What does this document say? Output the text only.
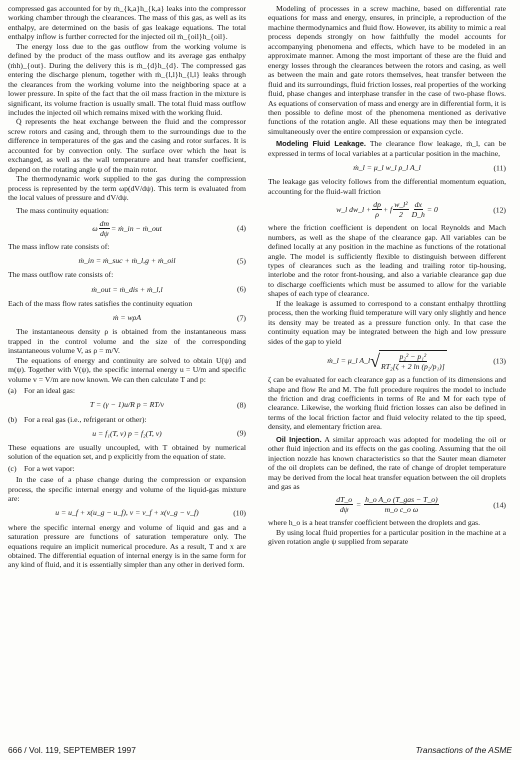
compressed gas accounted for by ṁ_{k,a}h_{k,a} leaks into the compressor working chamber through the clearances. The mass of this gas, as well as its enthalpy, are determined on the basis of gas leakage equations. The total enthalpy inflow is further corrected for the injected oil ṁ_{oil}h_{oil}.

The energy loss due to the gas outflow from the working volume is defined by the product of the mass outflow and its average gas enthalpy (ṁh)_{out}. During the delivery this is ṁ_{d}h_{d}. The compressed gas entering the discharge plenum, together with ṁ_{l,l}h_{l,l} leaks through the clearances from the working volume into the neighboring space at a lower pressure. In spite of the fact that the oil mass fraction in the mixture is significant, its volume fraction is usually small. The total fluid mass outflow includes the injected oil which remains mixed with the working fluid.

Q̇ represents the heat exchange between the fluid and the compressor screw rotors and casing and, through them to the surroundings due to the difference in temperatures of the gas and the casing and rotor surfaces. It is accounted for by convection only. The surface over which the heat is exchanged, as well as the wall temperature and heat transfer coefficient, depend on the rotating angle ψ of the main rotor.

The thermodynamic work supplied to the gas during the compression process is represented by the term ωp(dV/dψ). This term is evaluated from the local values of pressure and dV/dψ.

The mass continuity equation:

ω $\frac{dm}{d\psi}$ = ṁ_in − ṁ_out	(4)

The mass inflow rate consists of:

ṁ_in = ṁ_suc + ṁ_l,g + ṁ_oil	(5)

The mass outflow rate consists of:

ṁ_out = ṁ_dis + ṁ_l,l	(6)

Each of the mass flow rates satisfies the continuity equation

ṁ = wρA	(7)

The instantaneous density ρ is obtained from the instantaneous mass trapped in the control volume and the size of the corresponding instantaneous volume V, as ρ = m/V.

The equations of energy and continuity are solved to obtain U(ψ) and m(ψ). Together with V(ψ), the specific internal energy u = U/m and specific volume v = V/m are now known. We can then calculate T and p:

(a) For an ideal gas:
T = (γ − 1)u/R p = RT/v	(8)
(b) For a real gas (i.e., refrigerant or other):
u = f₁(T, v) p = f₂(T, v)	(9)

These equations are usually uncoupled, with T obtained by numerical solution of the equation set, and p explicitly from the equation of state.

(c) For a wet vapor:

In the case of a phase change during the compression or expansion process, the specific internal energy and volume of the liquid-gas mixture are:

u = u_f + x(u_g − u_f), v = v_f + x(v_g − v_f)	(10)

where the specific internal energy and volume of liquid and gas and a saturation pressure are functions of saturation temperature only. The equations require an implicit numerical procedure. As a result, T and x are obtained. The differential equation of internal energy is in the same form for any kind of fluid, and it is essentially simpler than any other in derived form.

Modeling of processes in a screw machine, based on differential rate equations for mass and energy, ensures, in principle, a reproduction of the machine thermodynamics and fluid flow. However, its ability to mimic a real process depends strongly on how faithfully the model accounts for accompanying phenomena and effects, which have to be modeled in an approximate manner. Among the most important of these are the fluid and energy losses through the clearances between the rotors and casing, as well as between the main and gate rotors themselves, heat transfer between the fluid and its surroundings, fluid friction losses, real properties of the working fluid, phase changes and interphase transfer in the case of two-phase flows. As equations of conservation of mass and energy are in differential form, it is then possible to define most of the phenomena mentioned as derivative functions of the rotation angle. All these equations may then be integrated simultaneously over the entire compression or expansion cycle.

Modeling Fluid Leakage. The clearance flow leakage, ṁ_l, can be expressed in terms of local variables at a particular position in the machine,

ṁ_l = μ_l w_l ρ_l A_l	(11)

The leakage gas velocity follows from the differential momentum equation, accounting for the fluid-wall friction

w_l dw_l + $\frac{dp}{\rho} + f \frac{\text{w\_l²}}{2} \frac{dx}{D\_h} = 0$	(12)

where the friction coefficient is dependent on local Reynolds and Mach numbers, as well as the shape of the clearance gap. All variables can be defined locally at any position in the machine as functions of the rotational angle. The model is sufficiently flexible to distinguish between different types of clearances such as the leading and trailing rotor tip-housing, interlobe and the rotor front-housing, and also a variable clearance gap due to discharge coefficients which must be assumed to allow for the variable shapes of each type of clearance.

If the leakage is assumed to correspond to a constant enthalpy throttling process, then the working fluid temperature will vary only slightly and hence its density may be treated as a pressure function only. In that case the continuity equation may be integrated between the high and low pressure sides of the gap to yield

ṁ_l = μ_l A_l √ $\frac{\text{p₂² − p₁²}}{\text{RT₂[ζ + 2 ln (p₂/p₁)]}}$	(13)

ζ can be evaluated for each clearance gap as a function of its dimensions and shape and flow Re and M. The full procedure requires the model to include the friction and drag coefficients in terms of Re and M for each type of clearance. Likewise, the working fluid friction losses can also be defined in terms of the local friction factor and fluid velocity related to the tip speed, density, and elementary friction area.

Oil Injection. A similar approach was adopted for modeling the oil or other fluid injection and its effects on the gas cooling. Assuming that the oil injection nozzle has known characteristics so that the Sauter mean diameter of the oil droplets can be defined, the rate of change of droplet temperature may be derived from the local heat transfer equation between the oil droplets and gas as

$\frac{dT\_o}{d\psi} = \frac{\text{h\_o A\_o (T\_gas − T\_o)}}{\text{m\_o c\_o ω}}$	(14)

where h_o is a heat transfer coefficient between the droplets and gas.

By using local fluid properties for a particular position in the machine at a given rotation angle ψ supplied from separate

666 / Vol. 119, SEPTEMBER 1997	Transactions of the ASME
